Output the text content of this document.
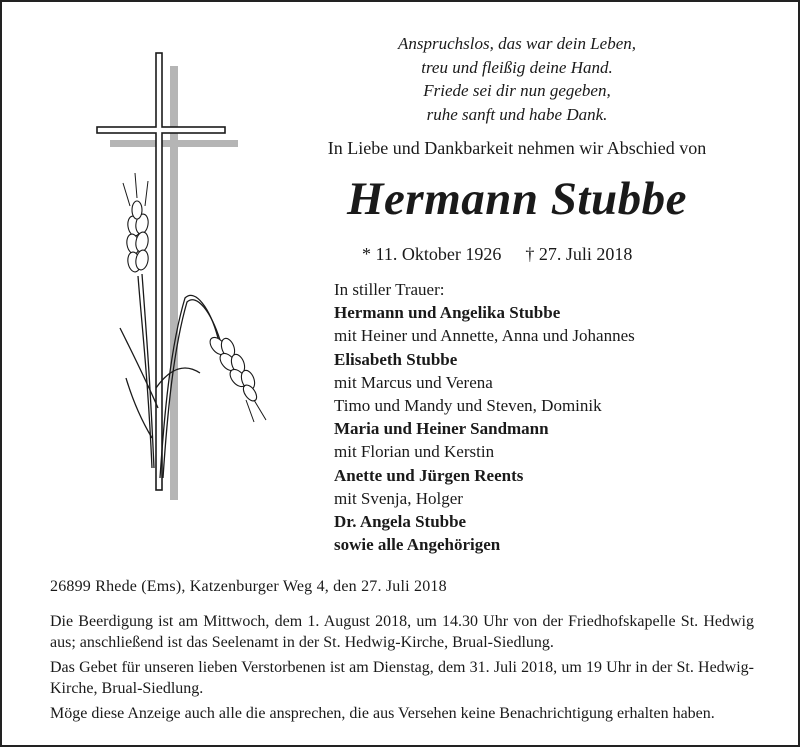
Anspruchslos, das war dein Leben,
treu und fleißig deine Hand.
Friede sei dir nun gegeben,
ruhe sanft und habe Dank.
In Liebe und Dankbarkeit nehmen wir Abschied von
Hermann Stubbe
* 11. Oktober 1926 † 27. Juli 2018
In stiller Trauer:
Hermann und Angelika Stubbe
mit Heiner und Annette, Anna und Johannes
Elisabeth Stubbe
mit Marcus und Verena
Timo und Mandy und Steven, Dominik
Maria und Heiner Sandmann
mit Florian und Kerstin
Anette und Jürgen Reents
mit Svenja, Holger
Dr. Angela Stubbe
sowie alle Angehörigen
26899 Rhede (Ems), Katzenburger Weg 4, den 27. Juli 2018
Die Beerdigung ist am Mittwoch, dem 1. August 2018, um 14.30 Uhr von der Friedhofskapelle St. Hedwig aus; anschließend ist das Seelenamt in der St. Hedwig-Kirche, Brual-Siedlung.
Das Gebet für unseren lieben Verstorbenen ist am Dienstag, dem 31. Juli 2018, um 19 Uhr in der St. Hedwig-Kirche, Brual-Siedlung.
Möge diese Anzeige auch alle die ansprechen, die aus Versehen keine Benachrichtigung erhalten haben.
